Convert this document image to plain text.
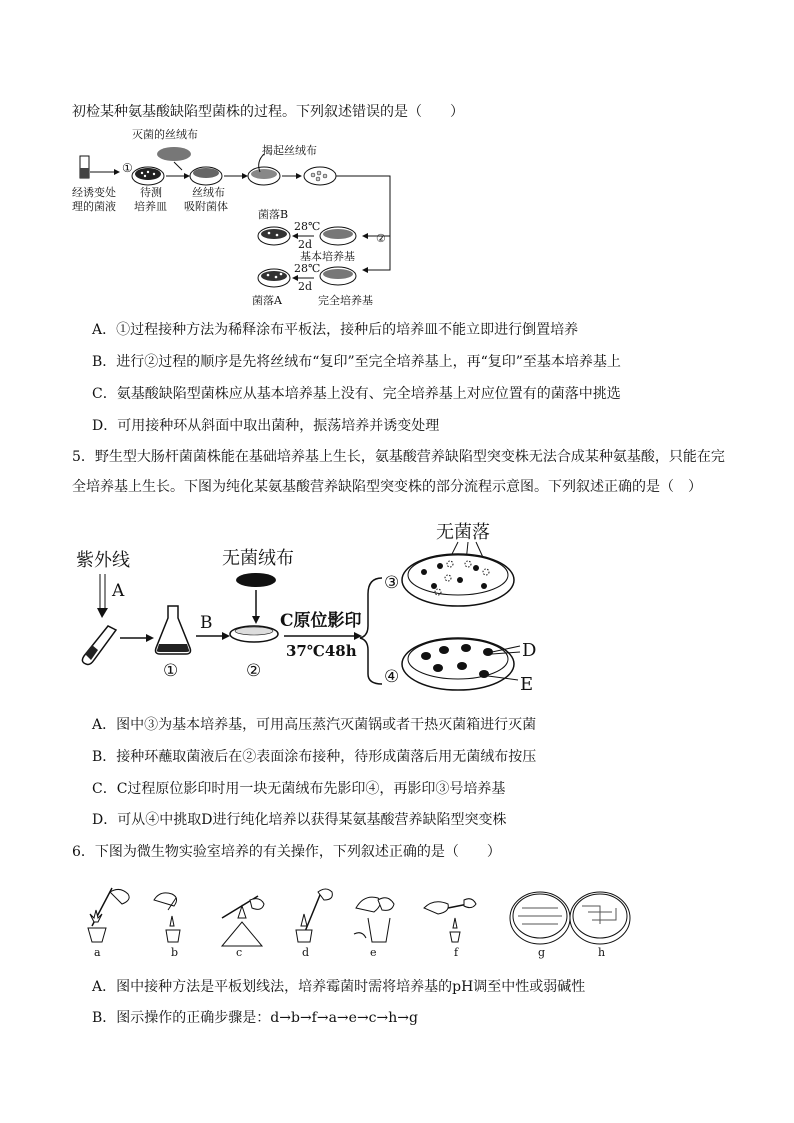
初检某种氨基酸缺陷型菌株的过程。下列叙述错误的是（　　）
①
经诱变处
理的菌液
待测
培养皿
灭菌的丝绒布
丝绒布
吸附菌体
揭起丝绒布
②
菌落B
28℃
2d
基本培养基
菌落A
28℃
2d
完全培养基
A．①过程接种方法为稀释涂布平板法，接种后的培养皿不能立即进行倒置培养
B．进行②过程的顺序是先将丝绒布“复印”至完全培养基上，再“复印”至基本培养基上
C．氨基酸缺陷型菌株应从基本培养基上没有、完全培养基上对应位置有的菌落中挑选
D．可用接种环从斜面中取出菌种，振荡培养并诱变处理
5．野生型大肠杆菌菌株能在基础培养基上生长，氨基酸营养缺陷型突变株无法合成某种氨基酸，只能在完
全培养基上生长。下图为纯化某氨基酸营养缺陷型突变株的部分流程示意图。下列叙述正确的是（　）
紫外线
A
①
B
无菌绒布
②
C原位影印
37℃48h
无菌落
③
④
D
E
A．图中③为基本培养基，可用高压蒸汽灭菌锅或者干热灭菌箱进行灭菌
B．接种环蘸取菌液后在②表面涂布接种，待形成菌落后用无菌绒布按压
C．C过程原位影印时用一块无菌绒布先影印④，再影印③号培养基
D．可从④中挑取D进行纯化培养以获得某氨基酸营养缺陷型突变株
6．下图为微生物实验室培养的有关操作，下列叙述正确的是（　　）
a	b	c	d	e	f	g	h
A．图中接种方法是平板划线法，培养霉菌时需将培养基的pH调至中性或弱碱性
B．图示操作的正确步骤是：d→b→f→a→e→c→h→g
